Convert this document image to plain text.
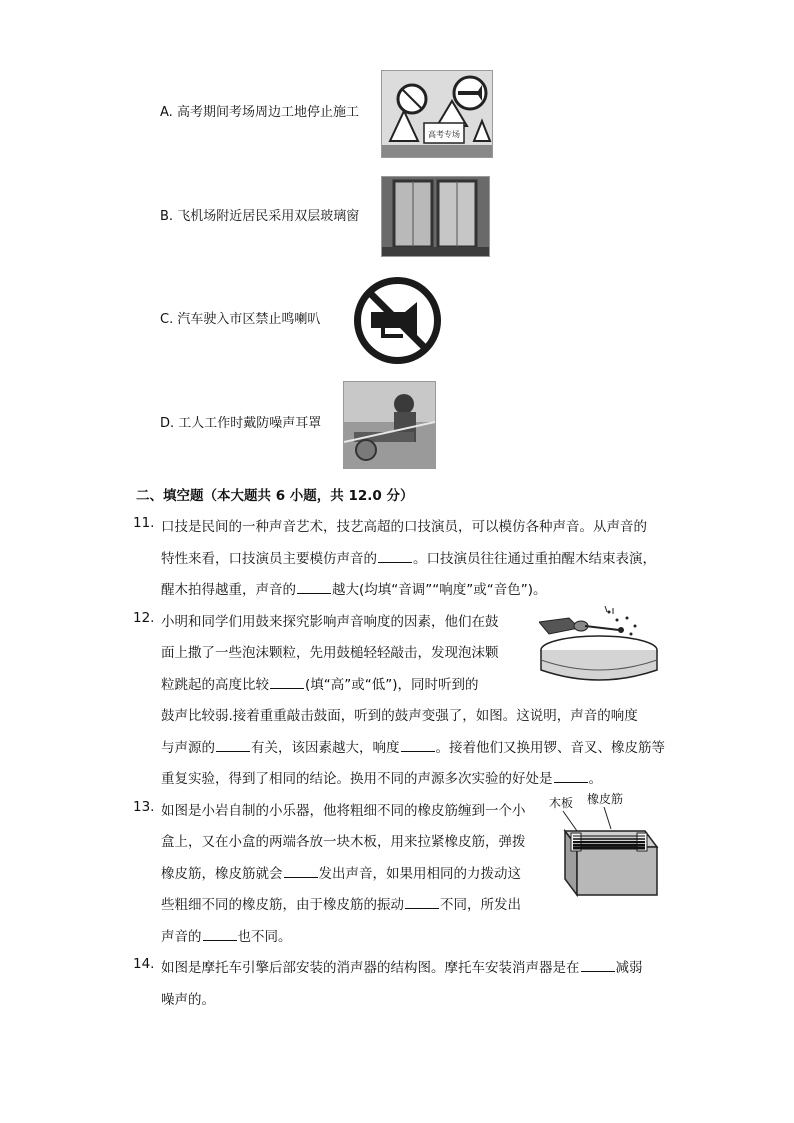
A. 高考期间考场周边工地停止施工
高考专场
B. 飞机场附近居民采用双层玻璃窗
C. 汽车驶入市区禁止鸣喇叭
D. 工人工作时戴防噪声耳罩
二、填空题（本大题共 6 小题，共 12.0 分）
11. 口技是民间的一种声音艺术，技艺高超的口技演员，可以模仿各种声音。从声音的
特性来看，口技演员主要模仿声音的	。口技演员往往通过重拍醒木结束表演，
醒木拍得越重，声音的	越大(均填“音调”“响度”或“音色”)。
12. 小明和同学们用鼓来探究影响声音响度的因素，他们在鼓
面上撒了一些泡沫颗粒，先用鼓槌轻轻敲击，发现泡沫颗
粒跳起的高度比较	(填“高”或“低”)，同时听到的
鼓声比较弱.接着重重敲击鼓面，听到的鼓声变强了，如图。这说明，声音的响度
与声源的	有关，该因素越大，响度	。接着他们又换用锣、音叉、橡皮筋等
重复实验，得到了相同的结论。换用不同的声源多次实验的好处是	。
13. 如图是小岩自制的小乐器，他将粗细不同的橡皮筋缠到一个小
盒上，又在小盒的两端各放一块木板，用来拉紧橡皮筋，弹拨
橡皮筋，橡皮筋就会	发出声音，如果用相同的力拨动这
些粗细不同的橡皮筋，由于橡皮筋的振动	不同，所发出
声音的	也不同。
木板 橡皮筋
14. 如图是摩托车引擎后部安装的消声器的结构图。摩托车安装消声器是在	减弱
噪声的。
